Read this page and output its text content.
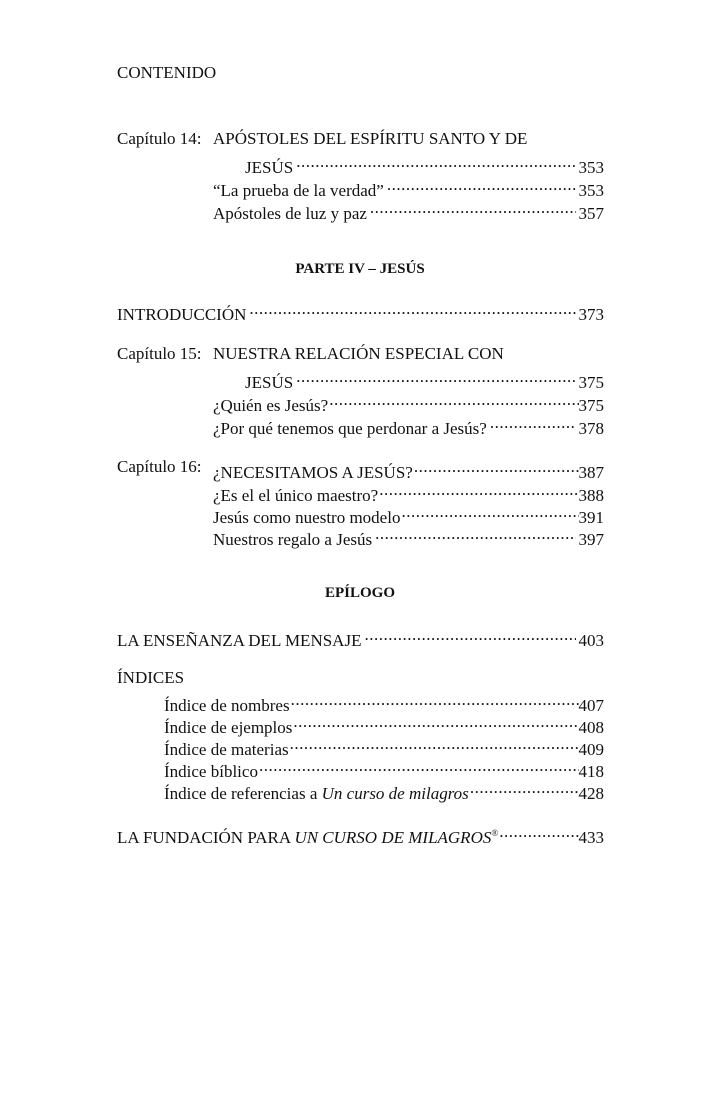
CONTENIDO
Capítulo 14: APÓSTOLES DEL ESPÍRITU SANTO Y DE
JESÚS .....	353
“La prueba de la verdad” .....	353
Apóstoles de luz y paz .....	357
PARTE IV – JESÚS
INTRODUCCIÓN .....	373
Capítulo 15: NUESTRA RELACIÓN ESPECIAL CON
JESÚS .....	375
¿Quién es Jesús? .....	375
¿Por qué tenemos que perdonar a Jesús? .....	378
Capítulo 16: ¿NECESITAMOS A JESÚS? .....	387
¿Es el el único maestro? .....	388
Jesús como nuestro modelo .....	391
Nuestros regalo a Jesús .....	397
EPÍLOGO
LA ENSEÑANZA DEL MENSAJE .....	403
ÍNDICES
Índice de nombres .....	407
Índice de ejemplos .....	408
Índice de materias .....	409
Índice bíblico .....	418
Índice de referencias a Un curso de milagros .....	428
LA FUNDACIÓN PARA UN CURSO DE MILAGROS® .....	433
